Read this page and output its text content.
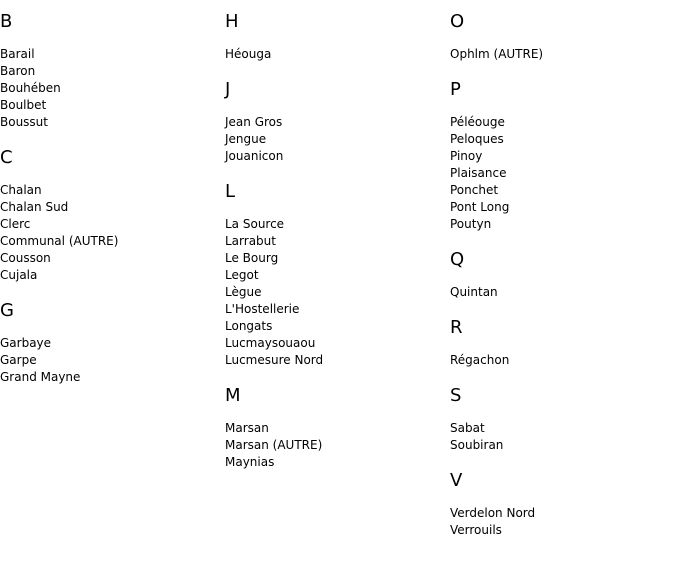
B
Barail
Baron
Bouhében
Boulbet
Boussut
C
Chalan
Chalan Sud
Clerc
Communal (AUTRE)
Cousson
Cujala
G
Garbaye
Garpe
Grand Mayne
H
Héouga
J
Jean Gros
Jengue
Jouanicon
L
La Source
Larrabut
Le Bourg
Legot
Lègue
L'Hostellerie
Longats
Lucmaysouaou
Lucmesure Nord
M
Marsan
Marsan (AUTRE)
Maynias
O
Ophlm (AUTRE)
P
Péléouge
Peloques
Pinoy
Plaisance
Ponchet
Pont Long
Poutyn
Q
Quintan
R
Régachon
S
Sabat
Soubiran
V
Verdelon Nord
Verrouils
